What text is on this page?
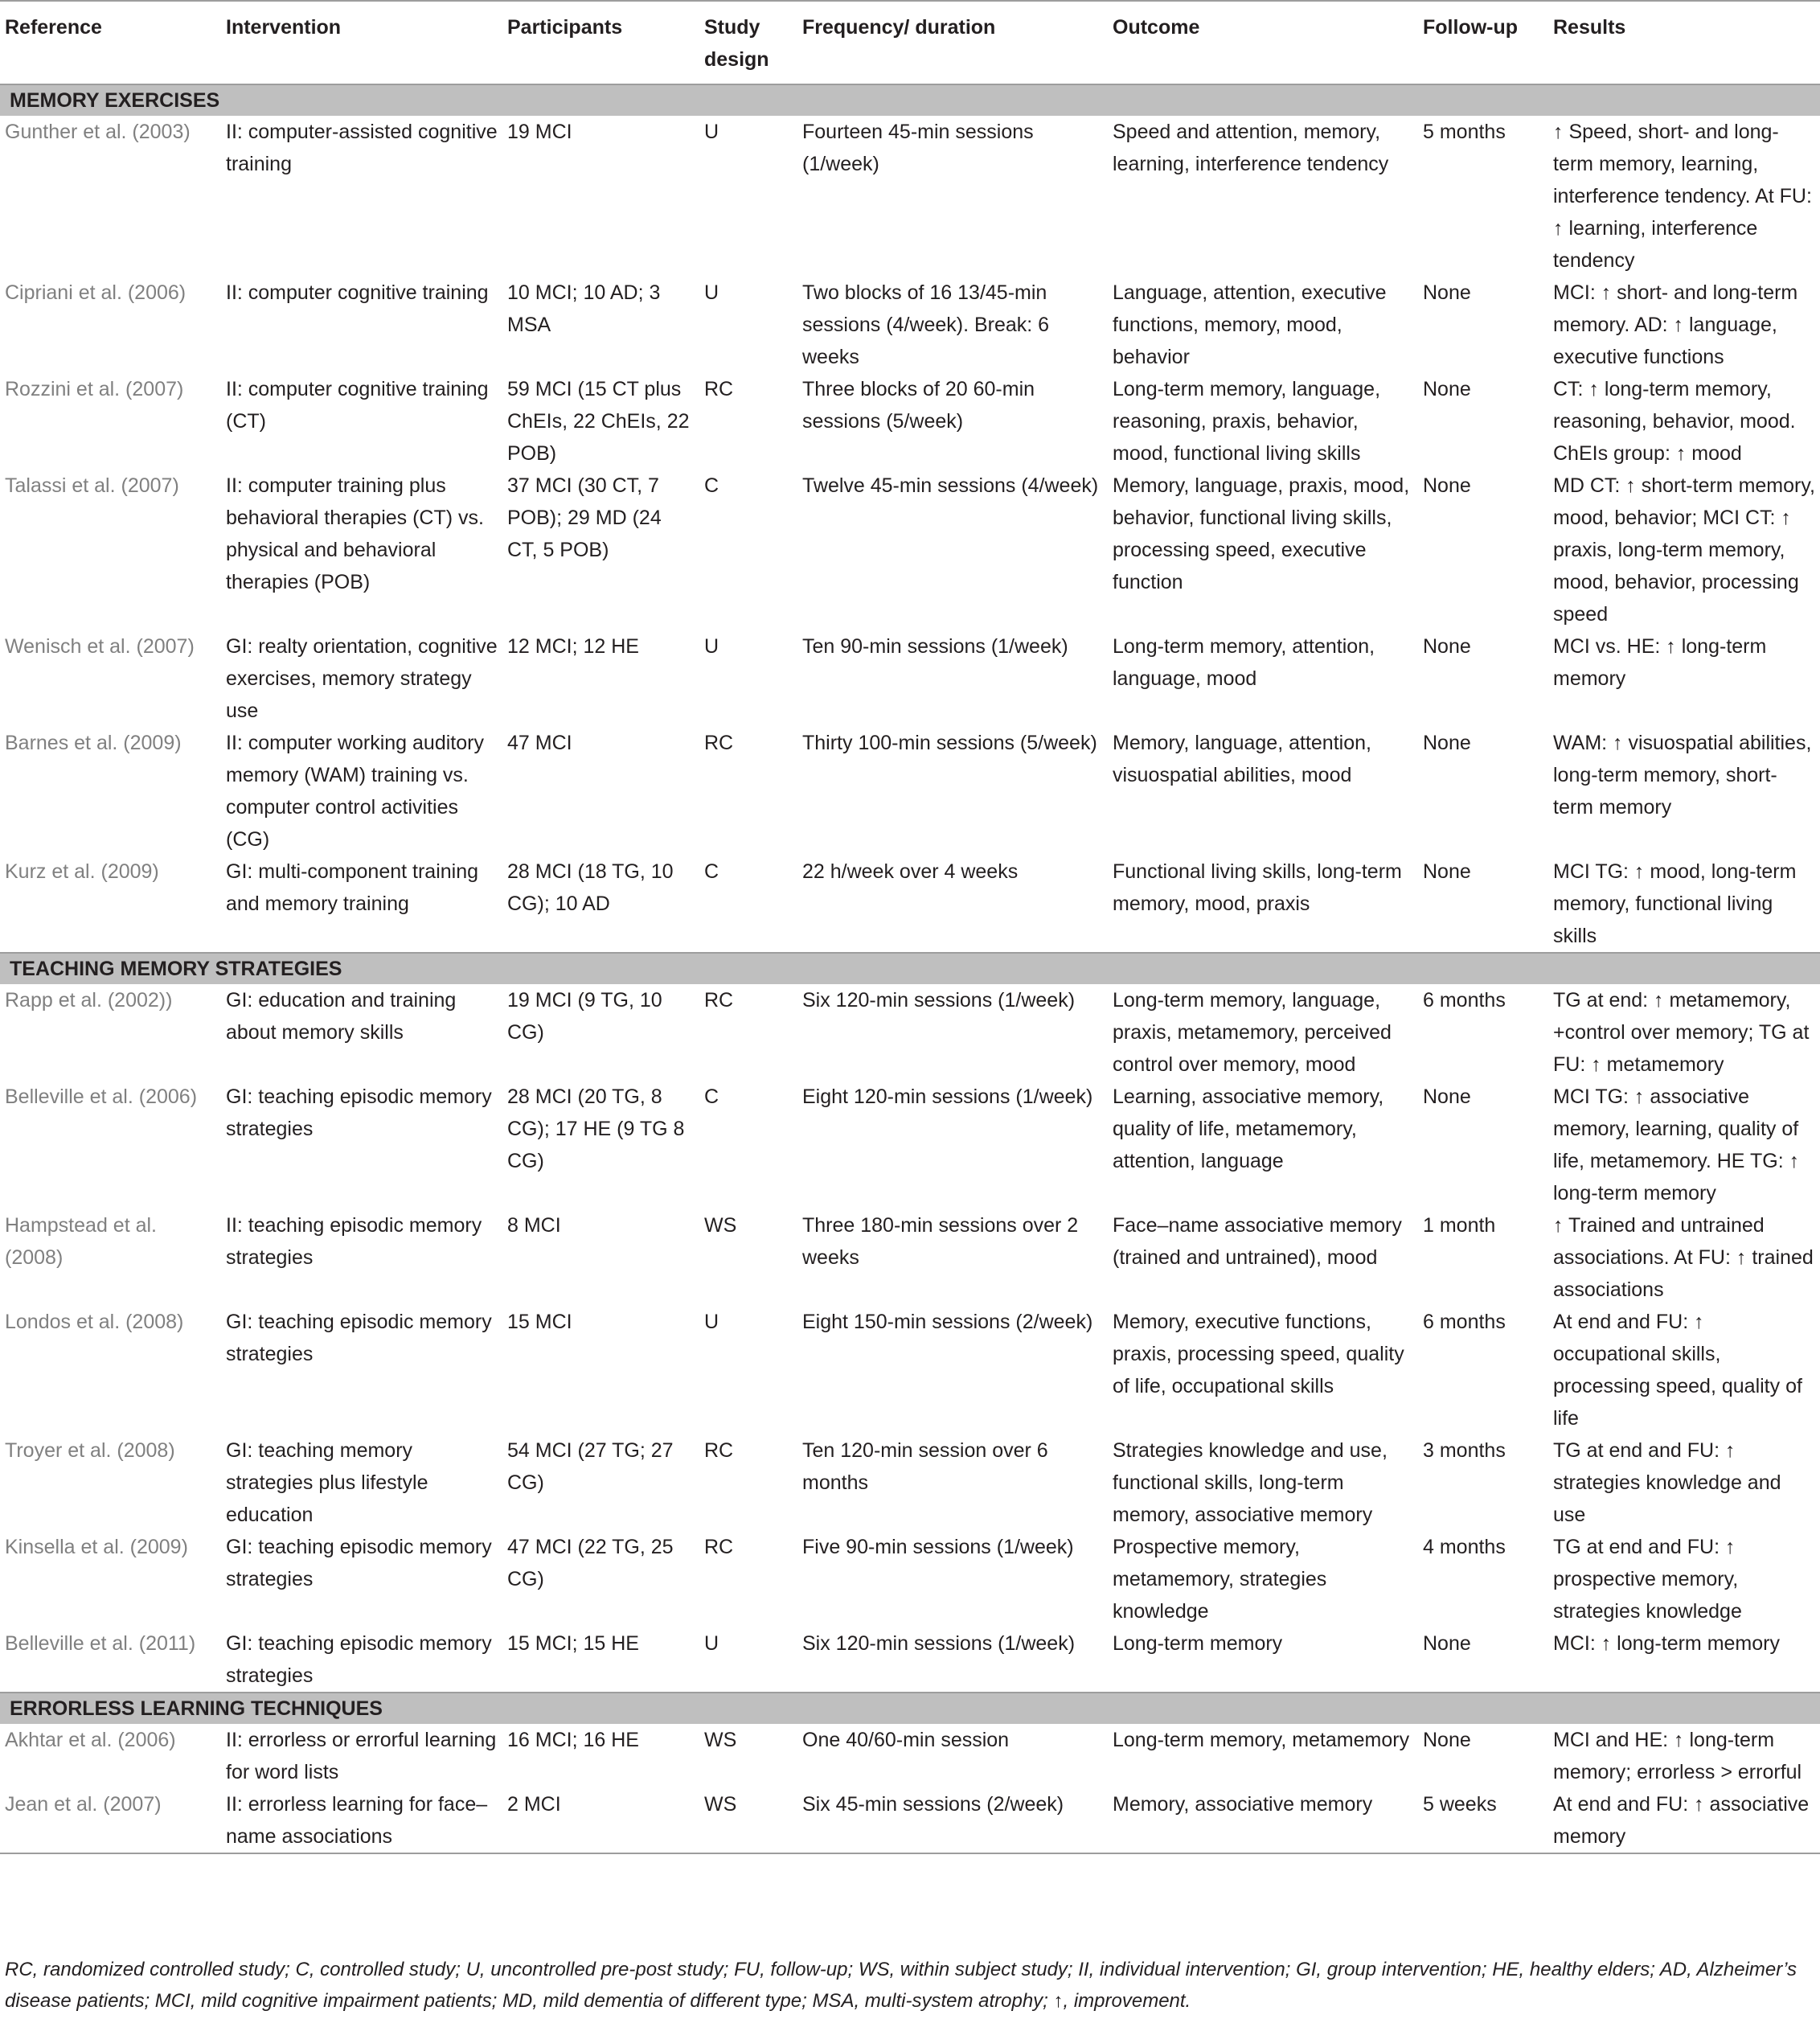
Reference	Intervention	Participants	Study design	Frequency/ duration	Outcome	Follow-up	Results
MEMORY EXERCISES							
Gunther et al. (2003)	II: computer-assisted cognitive training	19 MCI	U	Fourteen 45-min sessions (1/week)	Speed and attention, memory, learning, interference tendency	5 months	↑ Speed, short- and long-term memory, learning, interference tendency. At FU: ↑ learning, interference tendency
Cipriani et al. (2006)	II: computer cognitive training	10 MCI; 10 AD; 3 MSA	U	Two blocks of 16 13/45-min sessions (4/week). Break: 6 weeks	Language, attention, executive functions, memory, mood, behavior	None	MCI: ↑ short- and long-term memory. AD: ↑ language, executive functions
Rozzini et al. (2007)	II: computer cognitive training (CT)	59 MCI (15 CT plus ChEIs, 22 ChEIs, 22 POB)	RC	Three blocks of 20 60-min sessions (5/week)	Long-term memory, language, reasoning, praxis, behavior, mood, functional living skills	None	CT: ↑ long-term memory, reasoning, behavior, mood. ChEIs group: ↑ mood
Talassi et al. (2007)	II: computer training plus behavioral therapies (CT) vs. physical and behavioral therapies (POB)	37 MCI (30 CT, 7 POB); 29 MD (24 CT, 5 POB)	C	Twelve 45-min sessions (4/week)	Memory, language, praxis, mood, behavior, functional living skills, processing speed, executive function	None	MD CT: ↑ short-term memory, mood, behavior; MCI CT: ↑ praxis, long-term memory, mood, behavior, processing speed
Wenisch et al. (2007)	GI: realty orientation, cognitive exercises, memory strategy use	12 MCI; 12 HE	U	Ten 90-min sessions (1/week)	Long-term memory, attention, language, mood	None	MCI vs. HE: ↑ long-term memory
Barnes et al. (2009)	II: computer working auditory memory (WAM) training vs. computer control activities (CG)	47 MCI	RC	Thirty 100-min sessions (5/week)	Memory, language, attention, visuospatial abilities, mood	None	WAM: ↑ visuospatial abilities, long-term memory, short-term memory
Kurz et al. (2009)	GI: multi-component training and memory training	28 MCI (18 TG, 10 CG); 10 AD	C	22 h/week over 4 weeks	Functional living skills, long-term memory, mood, praxis	None	MCI TG: ↑ mood, long-term memory, functional living skills
TEACHING MEMORY STRATEGIES							
Rapp et al. (2002))	GI: education and training about memory skills	19 MCI (9 TG, 10 CG)	RC	Six 120-min sessions (1/week)	Long-term memory, language, praxis, metamemory, perceived control over memory, mood	6 months	TG at end: ↑ metamemory, +control over memory; TG at FU: ↑ metamemory
Belleville et al. (2006)	GI: teaching episodic memory strategies	28 MCI (20 TG, 8 CG); 17 HE (9 TG 8 CG)	C	Eight 120-min sessions (1/week)	Learning, associative memory, quality of life, metamemory, attention, language	None	MCI TG: ↑ associative memory, learning, quality of life, metamemory. HE TG: ↑ long-term memory
Hampstead et al. (2008)	II: teaching episodic memory strategies	8 MCI	WS	Three 180-min sessions over 2 weeks	Face–name associative memory (trained and untrained), mood	1 month	↑ Trained and untrained associations. At FU: ↑ trained associations
Londos et al. (2008)	GI: teaching episodic memory strategies	15 MCI	U	Eight 150-min sessions (2/week)	Memory, executive functions, praxis, processing speed, quality of life, occupational skills	6 months	At end and FU: ↑ occupational skills, processing speed, quality of life
Troyer et al. (2008)	GI: teaching memory strategies plus lifestyle education	54 MCI (27 TG; 27 CG)	RC	Ten 120-min session over 6 months	Strategies knowledge and use, functional skills, long-term memory, associative memory	3 months	TG at end and FU: ↑ strategies knowledge and use
Kinsella et al. (2009)	GI: teaching episodic memory strategies	47 MCI (22 TG, 25 CG)	RC	Five 90-min sessions (1/week)	Prospective memory, metamemory, strategies knowledge	4 months	TG at end and FU: ↑ prospective memory, strategies knowledge
Belleville et al. (2011)	GI: teaching episodic memory strategies	15 MCI; 15 HE	U	Six 120-min sessions (1/week)	Long-term memory	None	MCI: ↑ long-term memory
ERRORLESS LEARNING TECHNIQUES							
Akhtar et al. (2006)	II: errorless or errorful learning for word lists	16 MCI; 16 HE	WS	One 40/60-min session	Long-term memory, metamemory	None	MCI and HE: ↑ long-term memory; errorless > errorful
Jean et al. (2007)	II: errorless learning for face–name associations	2 MCI	WS	Six 45-min sessions (2/week)	Memory, associative memory	5 weeks	At end and FU: ↑ associative memory
RC, randomized controlled study; C, controlled study; U, uncontrolled pre-post study; FU, follow-up; WS, within subject study; II, individual intervention; GI, group intervention; HE, healthy elders; AD, Alzheimer’s disease patients; MCI, mild cognitive impairment patients; MD, mild dementia of different type; MSA, multi-system atrophy; ↑, improvement.
